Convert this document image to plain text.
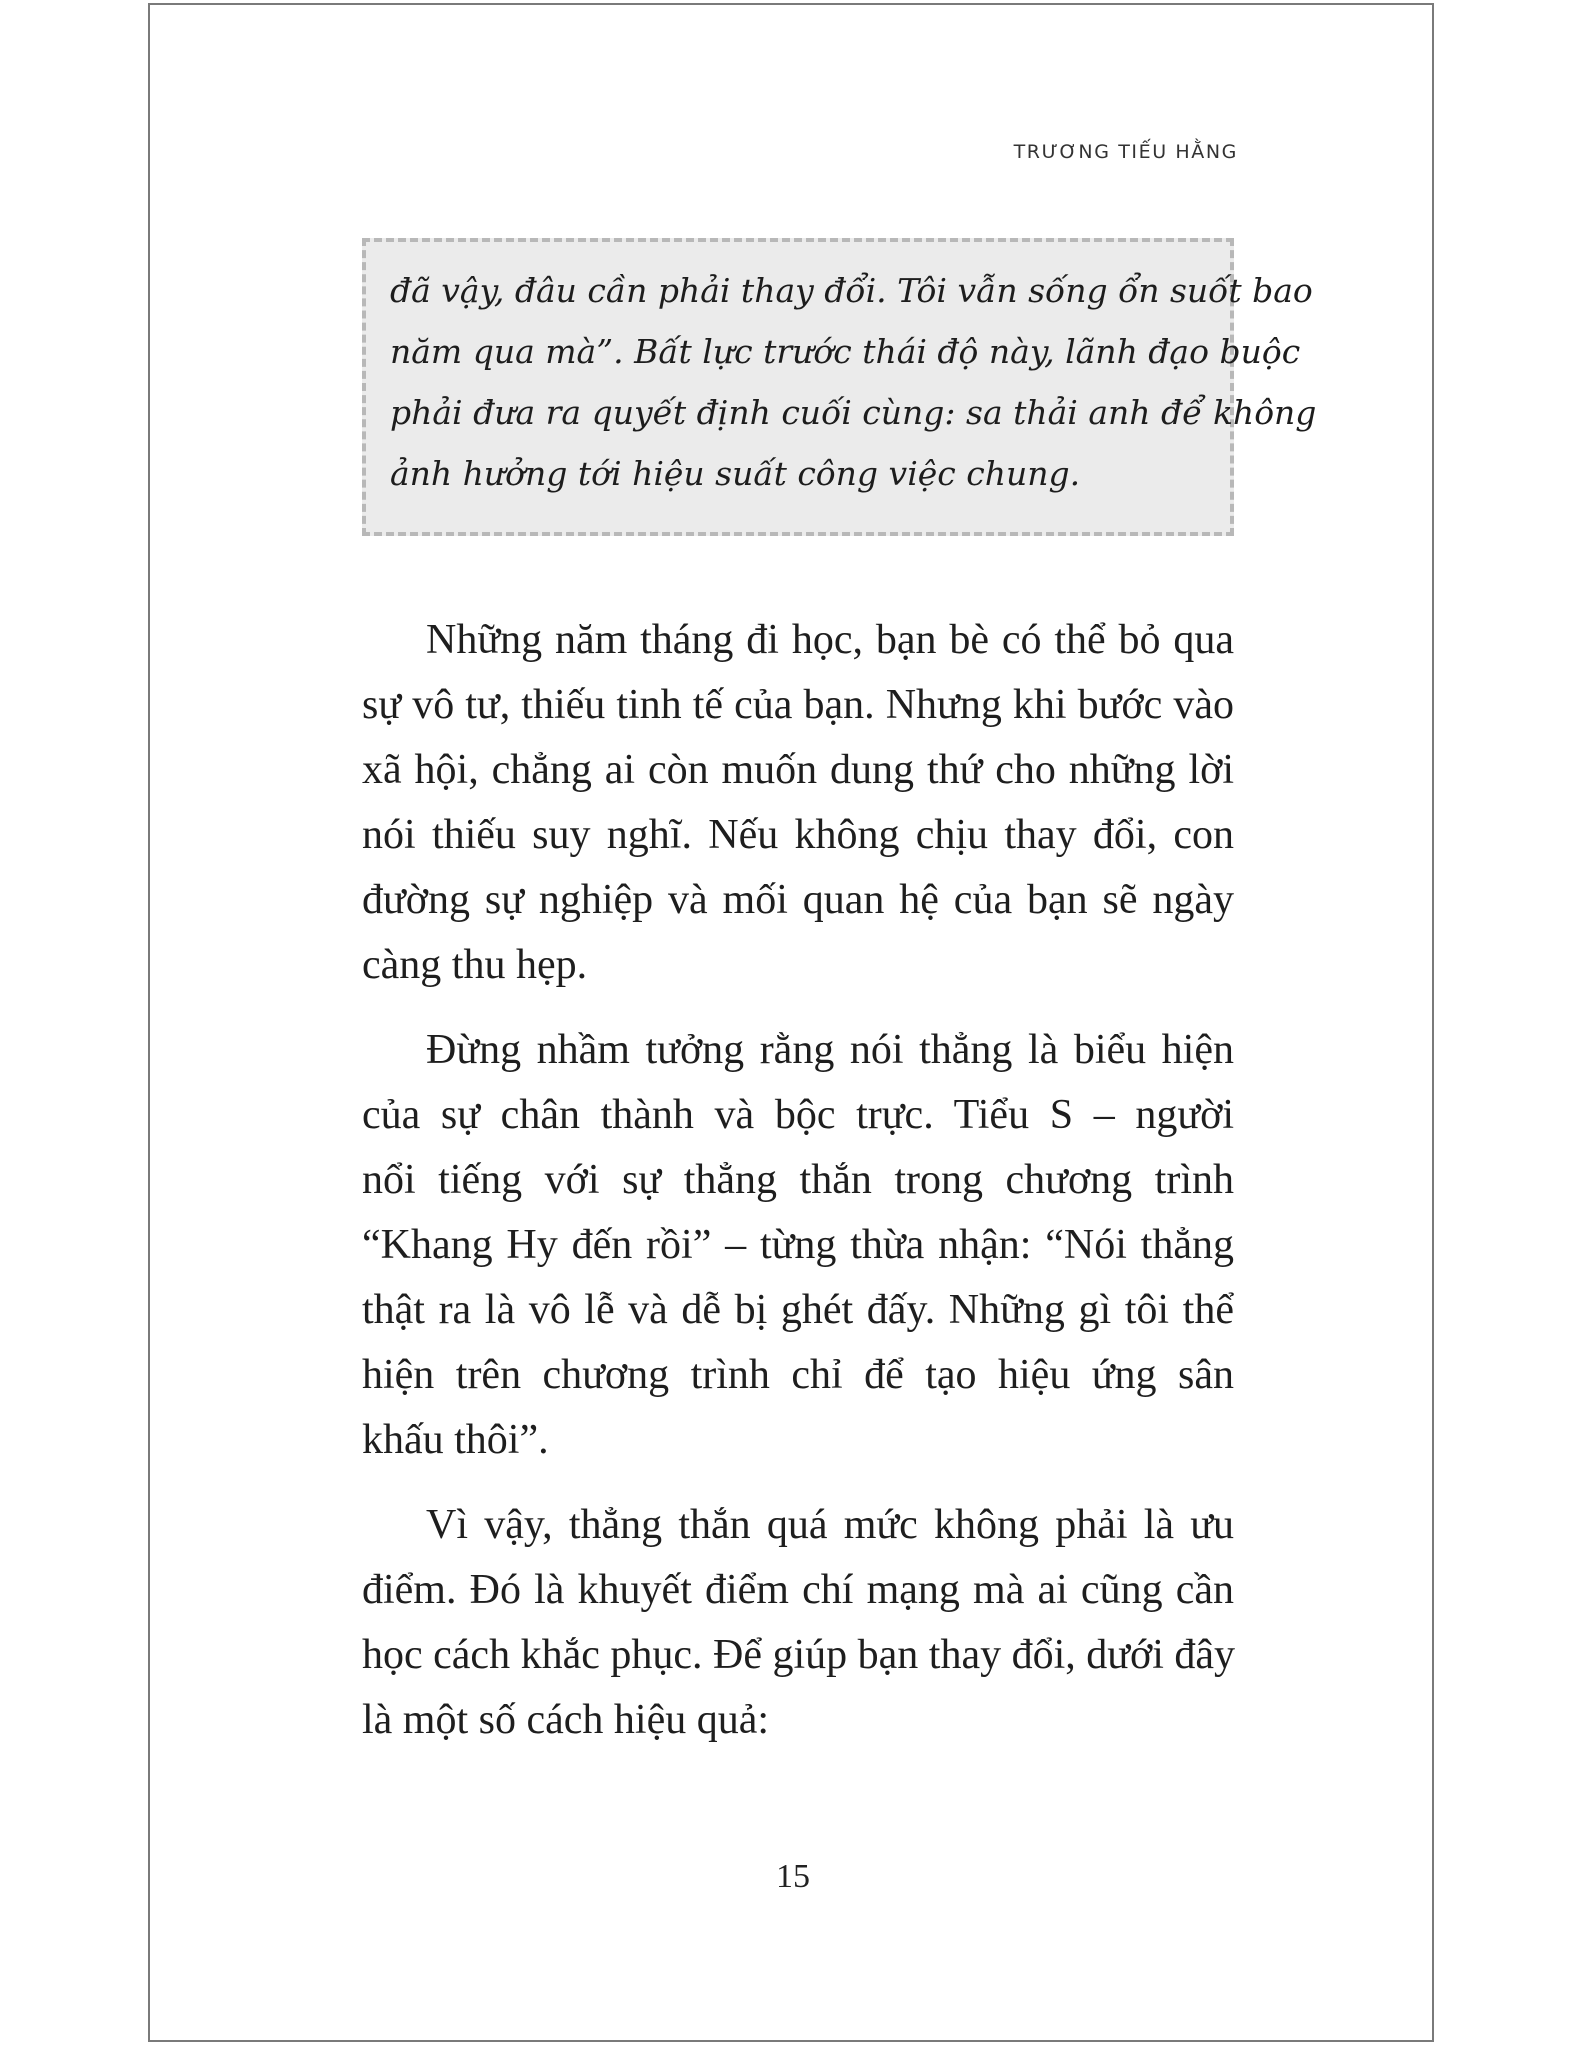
TRƯƠNG TIẾU HẰNG
đã vậy, đâu cần phải thay đổi. Tôi vẫn sống ổn suốt bao
năm qua mà”. Bất lực trước thái độ này, lãnh đạo buộc
phải đưa ra quyết định cuối cùng: sa thải anh để không
ảnh hưởng tới hiệu suất công việc chung.

Những năm tháng đi học, bạn bè có thể bỏ qua
sự vô tư, thiếu tinh tế của bạn. Nhưng khi bước vào
xã hội, chẳng ai còn muốn dung thứ cho những lời
nói thiếu suy nghĩ. Nếu không chịu thay đổi, con
đường sự nghiệp và mối quan hệ của bạn sẽ ngày
càng thu hẹp.

Đừng nhầm tưởng rằng nói thẳng là biểu hiện
của sự chân thành và bộc trực. Tiểu S – người
nổi tiếng với sự thẳng thắn trong chương trình
“Khang Hy đến rồi” – từng thừa nhận: “Nói thẳng
thật ra là vô lễ và dễ bị ghét đấy. Những gì tôi thể
hiện trên chương trình chỉ để tạo hiệu ứng sân
khấu thôi”.

Vì vậy, thẳng thắn quá mức không phải là ưu
điểm. Đó là khuyết điểm chí mạng mà ai cũng cần
học cách khắc phục. Để giúp bạn thay đổi, dưới đây
là một số cách hiệu quả:

15
